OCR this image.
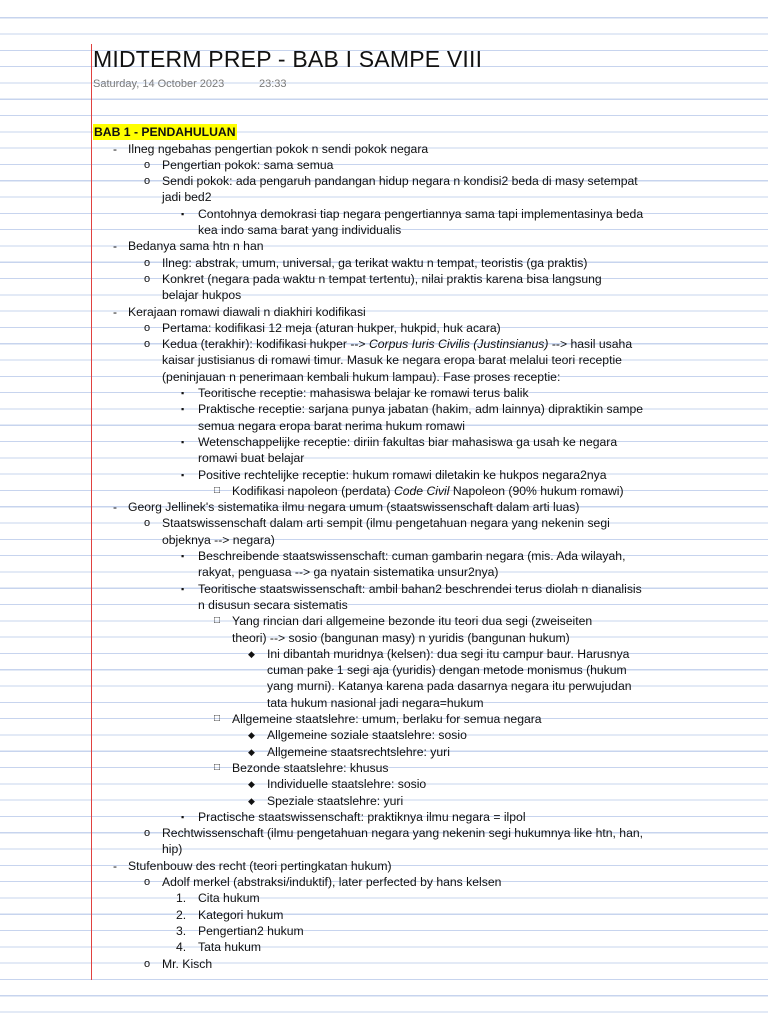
MIDTERM PREP - BAB I SAMPE VIII
Saturday, 14 October 2023	23:33
BAB 1 - PENDAHULUAN
- Ilneg ngebahas pengertian pokok n sendi pokok negara
o Pengertian pokok: sama semua
o Sendi pokok: ada pengaruh pandangan hidup negara n kondisi2 beda di masy setempat
jadi bed2
▪ Contohnya demokrasi tiap negara pengertiannya sama tapi implementasinya beda
kea indo sama barat yang individualis
- Bedanya sama htn n han
o Ilneg: abstrak, umum, universal, ga terikat waktu n tempat, teoristis (ga praktis)
o Konkret (negara pada waktu n tempat tertentu), nilai praktis karena bisa langsung
belajar hukpos
- Kerajaan romawi diawali n diakhiri kodifikasi
o Pertama: kodifikasi 12 meja (aturan hukper, hukpid, huk acara)
o Kedua (terakhir): kodifikasi hukper --> Corpus Iuris Civilis (Justinsianus) --> hasil usaha
kaisar justisianus di romawi timur. Masuk ke negara eropa barat melalui teori receptie
(peninjauan n penerimaan kembali hukum lampau). Fase proses receptie:
▪ Teoritische receptie: mahasiswa belajar ke romawi terus balik
▪ Praktische receptie: sarjana punya jabatan (hakim, adm lainnya) dipraktikin sampe
semua negara eropa barat nerima hukum romawi
▪ Wetenschappelijke receptie: diriin fakultas biar mahasiswa ga usah ke negara
romawi buat belajar
▪ Positive rechtelijke receptie: hukum romawi diletakin ke hukpos negara2nya
□ Kodifikasi napoleon (perdata) Code Civil Napoleon (90% hukum romawi)
- Georg Jellinek's sistematika ilmu negara umum (staatswissenschaft dalam arti luas)
o Staatswissenschaft dalam arti sempit (ilmu pengetahuan negara yang nekenin segi
objeknya --> negara)
▪ Beschreibende staatswissenschaft: cuman gambarin negara (mis. Ada wilayah,
rakyat, penguasa --> ga nyatain sistematika unsur2nya)
▪ Teoritische staatswissenschaft: ambil bahan2 beschrendei terus diolah n dianalisis
n disusun secara sistematis
□ Yang rincian dari allgemeine bezonde itu teori dua segi (zweiseiten
theori) --> sosio (bangunan masy) n yuridis (bangunan hukum)
◆ Ini dibantah muridnya (kelsen): dua segi itu campur baur. Harusnya
cuman pake 1 segi aja (yuridis) dengan metode monismus (hukum
yang murni). Katanya karena pada dasarnya negara itu perwujudan
tata hukum nasional jadi negara=hukum
□ Allgemeine staatslehre: umum, berlaku for semua negara
◆ Allgemeine soziale staatslehre: sosio
◆ Allgemeine staatsrechtslehre: yuri
□ Bezonde staatslehre: khusus
◆ Individuelle staatslehre: sosio
◆ Speziale staatslehre: yuri
▪ Practische staatswissenschaft: praktiknya ilmu negara = ilpol
o Rechtwissenschaft (ilmu pengetahuan negara yang nekenin segi hukumnya like htn, han,
hip)
- Stufenbouw des recht (teori pertingkatan hukum)
o Adolf merkel (abstraksi/induktif), later perfected by hans kelsen
1. Cita hukum
2. Kategori hukum
3. Pengertian2 hukum
4. Tata hukum
o Mr. Kisch
